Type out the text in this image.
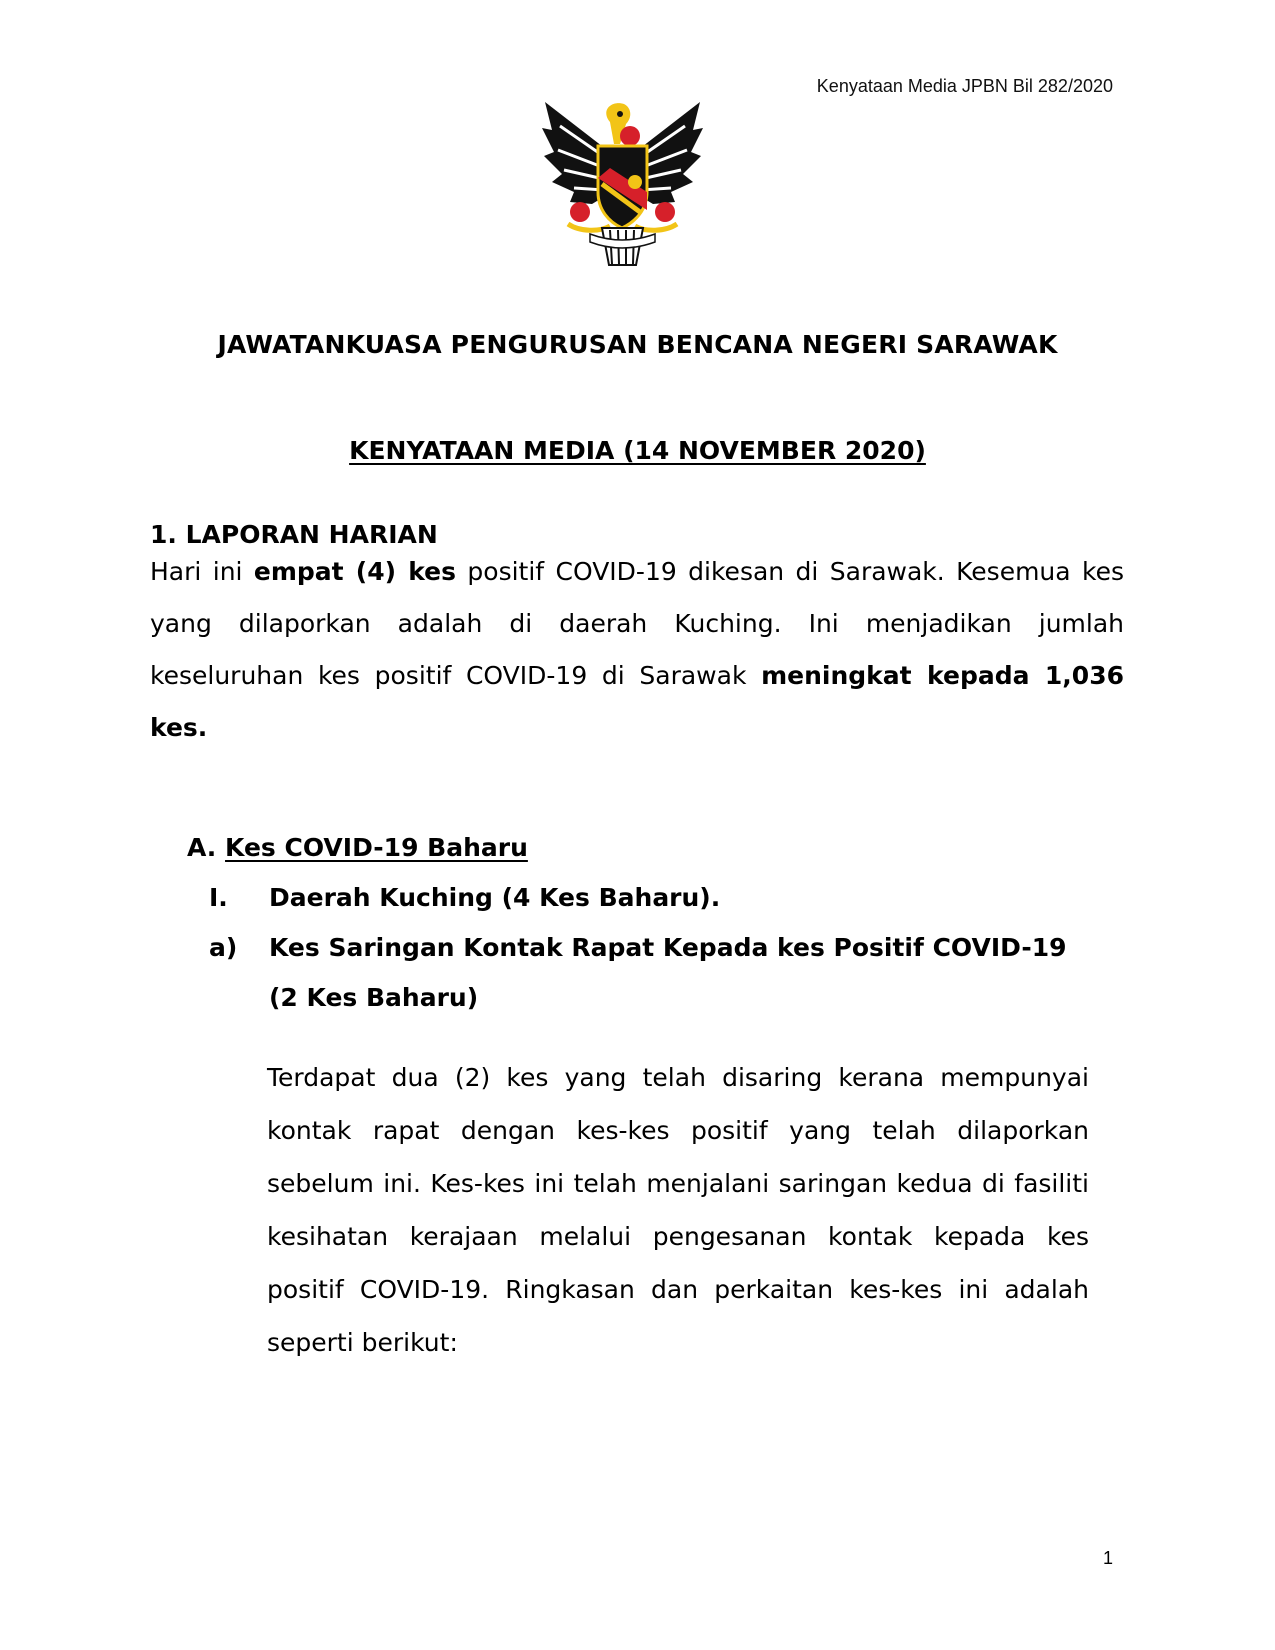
Kenyataan Media JPBN Bil 282/2020
JAWATANKUASA PENGURUSAN BENCANA NEGERI SARAWAK
KENYATAAN MEDIA (14 NOVEMBER 2020)
1. LAPORAN HARIAN
Hari ini empat (4) kes positif COVID-19 dikesan di Sarawak. Kesemua kes yang dilaporkan adalah di daerah Kuching. Ini menjadikan jumlah keseluruhan kes positif COVID-19 di Sarawak meningkat kepada 1,036 kes.
A. Kes COVID-19 Baharu
I. Daerah Kuching (4 Kes Baharu).
a) Kes Saringan Kontak Rapat Kepada kes Positif COVID-19
(2 Kes Baharu)
Terdapat dua (2) kes yang telah disaring kerana mempunyai
kontak rapat dengan kes-kes positif yang telah dilaporkan
sebelum ini. Kes-kes ini telah menjalani saringan kedua di fasiliti
kesihatan kerajaan melalui pengesanan kontak kepada kes
positif COVID-19. Ringkasan dan perkaitan kes-kes ini adalah
seperti berikut:
1
